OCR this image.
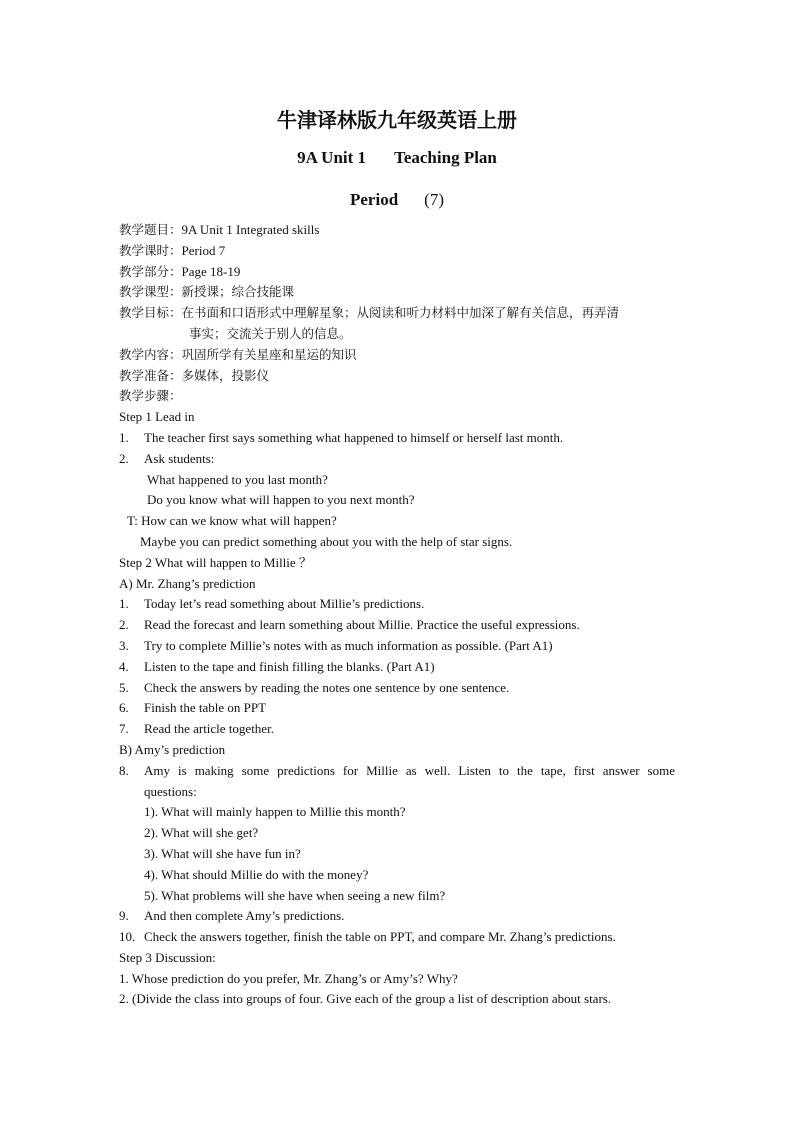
牛津译林版九年级英语上册
9A Unit 1 Teaching Plan
Period (7)
教学题目：9A Unit 1 Integrated skills
教学课时：Period 7
教学部分：Page 18-19
教学课型：新授课；综合技能课
教学目标：在书面和口语形式中理解星象；从阅读和听力材料中加深了解有关信息，再弄清
事实；交流关于别人的信息。
教学内容：巩固所学有关星座和星运的知识
教学准备：多媒体，投影仪
教学步骤：
Step 1 Lead in
1.	The teacher first says something what happened to himself or herself last month.
2.	Ask students:
What happened to you last month?
Do you know what will happen to you next month?
T: How can we know what will happen?
Maybe you can predict something about you with the help of star signs.
Step 2 What will happen to Millie ？
A) Mr. Zhang’s prediction
1.	Today let’s read something about Millie’s predictions.
2.	Read the forecast and learn something about Millie. Practice the useful expressions.
3.	Try to complete Millie’s notes with as much information as possible. (Part A1)
4.	Listen to the tape and finish filling the blanks. (Part A1)
5.	Check the answers by reading the notes one sentence by one sentence.
6.	Finish the table on PPT
7.	Read the article together.
B) Amy’s prediction
8.	Amy is making some predictions for Millie as well. Listen to the tape, first answer some
questions:
1). What will mainly happen to Millie this month?
2). What will she get?
3). What will she have fun in?
4). What should Millie do with the money?
5). What problems will she have when seeing a new film?
9.	And then complete Amy’s predictions.
10. Check the answers together, finish the table on PPT, and compare Mr. Zhang’s predictions.
Step 3 Discussion:
1. Whose prediction do you prefer, Mr. Zhang’s or Amy’s? Why?
2. (Divide the class into groups of four. Give each of the group a list of description about stars.
